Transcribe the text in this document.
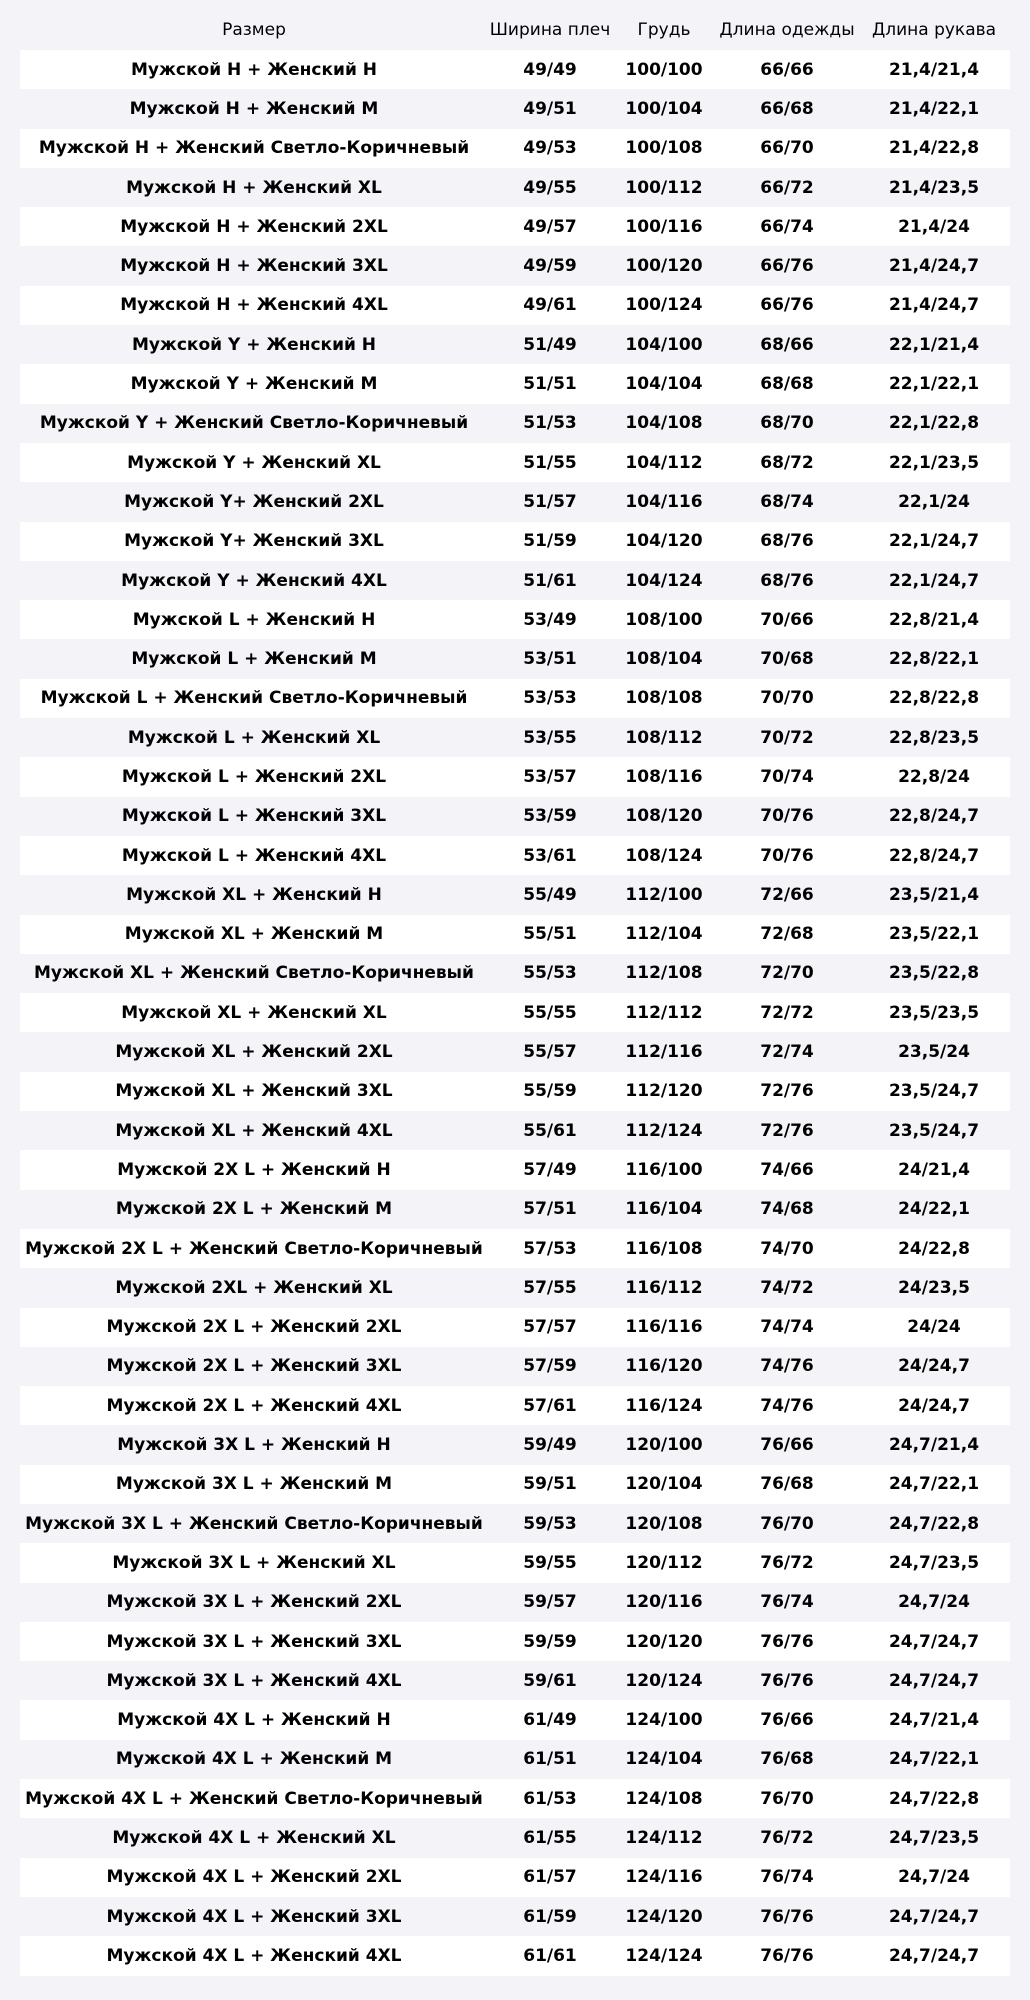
Размер	Ширина плеч	Грудь	Длина одежды	Длина рукава
Мужской H + Женский H	49/49	100/100	66/66	21,4/21,4
Мужской H + Женский M	49/51	100/104	66/68	21,4/22,1
Мужской H + Женский Светло-Коричневый	49/53	100/108	66/70	21,4/22,8
Мужской H + Женский XL	49/55	100/112	66/72	21,4/23,5
Мужской H + Женский 2XL	49/57	100/116	66/74	21,4/24
Мужской H + Женский 3XL	49/59	100/120	66/76	21,4/24,7
Мужской H + Женский 4XL	49/61	100/124	66/76	21,4/24,7
Мужской Y + Женский H	51/49	104/100	68/66	22,1/21,4
Мужской Y + Женский M	51/51	104/104	68/68	22,1/22,1
Мужской Y + Женский Светло-Коричневый	51/53	104/108	68/70	22,1/22,8
Мужской Y + Женский XL	51/55	104/112	68/72	22,1/23,5
Мужской Y+ Женский 2XL	51/57	104/116	68/74	22,1/24
Мужской Y+ Женский 3XL	51/59	104/120	68/76	22,1/24,7
Мужской Y + Женский 4XL	51/61	104/124	68/76	22,1/24,7
Мужской L + Женский H	53/49	108/100	70/66	22,8/21,4
Мужской L + Женский M	53/51	108/104	70/68	22,8/22,1
Мужской L + Женский Светло-Коричневый	53/53	108/108	70/70	22,8/22,8
Мужской L + Женский XL	53/55	108/112	70/72	22,8/23,5
Мужской L + Женский 2XL	53/57	108/116	70/74	22,8/24
Мужской L + Женский 3XL	53/59	108/120	70/76	22,8/24,7
Мужской L + Женский 4XL	53/61	108/124	70/76	22,8/24,7
Мужской XL + Женский H	55/49	112/100	72/66	23,5/21,4
Мужской XL + Женский M	55/51	112/104	72/68	23,5/22,1
Мужской XL + Женский Светло-Коричневый	55/53	112/108	72/70	23,5/22,8
Мужской XL + Женский XL	55/55	112/112	72/72	23,5/23,5
Мужской XL + Женский 2XL	55/57	112/116	72/74	23,5/24
Мужской XL + Женский 3XL	55/59	112/120	72/76	23,5/24,7
Мужской XL + Женский 4XL	55/61	112/124	72/76	23,5/24,7
Мужской 2X L + Женский H	57/49	116/100	74/66	24/21,4
Мужской 2X L + Женский M	57/51	116/104	74/68	24/22,1
Мужской 2X L + Женский Светло-Коричневый	57/53	116/108	74/70	24/22,8
Мужской 2XL + Женский XL	57/55	116/112	74/72	24/23,5
Мужской 2X L + Женский 2XL	57/57	116/116	74/74	24/24
Мужской 2X L + Женский 3XL	57/59	116/120	74/76	24/24,7
Мужской 2X L + Женский 4XL	57/61	116/124	74/76	24/24,7
Мужской 3X L + Женский H	59/49	120/100	76/66	24,7/21,4
Мужской 3X L + Женский M	59/51	120/104	76/68	24,7/22,1
Мужской 3X L + Женский Светло-Коричневый	59/53	120/108	76/70	24,7/22,8
Мужской 3X L + Женский XL	59/55	120/112	76/72	24,7/23,5
Мужской 3X L + Женский 2XL	59/57	120/116	76/74	24,7/24
Мужской 3X L + Женский 3XL	59/59	120/120	76/76	24,7/24,7
Мужской 3X L + Женский 4XL	59/61	120/124	76/76	24,7/24,7
Мужской 4X L + Женский H	61/49	124/100	76/66	24,7/21,4
Мужской 4X L + Женский M	61/51	124/104	76/68	24,7/22,1
Мужской 4X L + Женский Светло-Коричневый	61/53	124/108	76/70	24,7/22,8
Мужской 4X L + Женский XL	61/55	124/112	76/72	24,7/23,5
Мужской 4X L + Женский 2XL	61/57	124/116	76/74	24,7/24
Мужской 4X L + Женский 3XL	61/59	124/120	76/76	24,7/24,7
Мужской 4X L + Женский 4XL	61/61	124/124	76/76	24,7/24,7
